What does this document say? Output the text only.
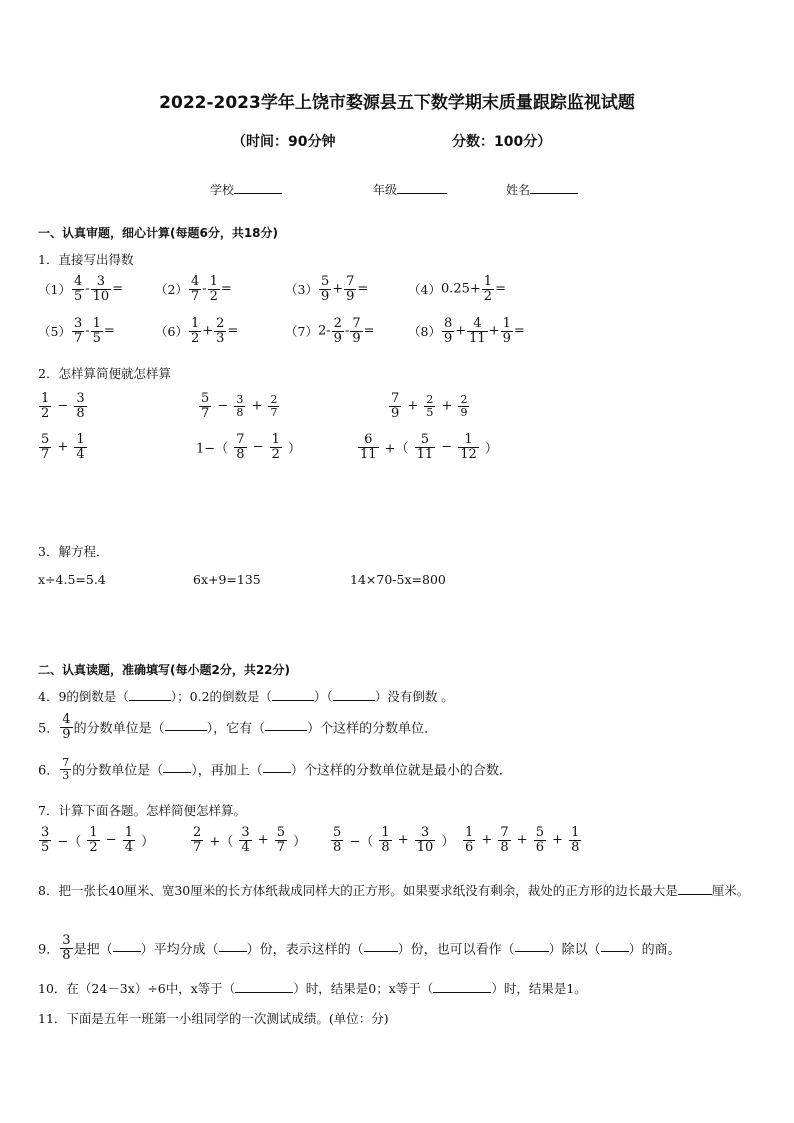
2022-2023学年上饶市婺源县五下数学期末质量跟踪监视试题
（时间：90分钟	分数：100分）
学校	年级	姓名
一、认真审题，细心计算(每题6分，共18分)
1．直接写出得数
$(1) \frac{4}{5} - \frac{3}{10}$ =	$(2) \frac{4}{7} - \frac{1}{2}$ =	$(3) \frac{5}{9} + \frac{7}{9}$ =	$(4)0.25+ \frac{1}{2}$ =
$(5) \frac{3}{7} - \frac{1}{5}$ =	$(6) \frac{1}{2} + \frac{2}{3}$ =	$(7)2- \frac{2}{9} - \frac{7}{9}$ =	$(8) \frac{8}{9} + \frac{4}{11} + \frac{1}{9}$ =
2．怎样算简便就怎样算
$\frac{1}{2} - \frac{3}{8}$	$\frac{5}{7} - \frac{3}{8} + \frac{2}{7}$	$\frac{7}{9} + \frac{2}{5} + \frac{2}{9}$
$\frac{5}{7} + \frac{1}{4}$	$1-( \frac{7}{8} - \frac{1}{2}$ ）	$\frac{6}{11}$ +（ $\frac{5}{11} - \frac{1}{12}$ ）
3．解方程．
x÷4.5=5.4	6x+9=135	14×70-5x=800
二、认真读题，准确填写(每小题2分，共22分)
4．9的倒数是（	）；0.2的倒数是（	）（	）没有倒数 。
5． $\frac{4}{9}$ 的分数单位是（	），它有（	）个这样的分数单位．
6． $\frac{7}{3}$ 的分数单位是（ ），再加上（ ）个这样的分数单位就是最小的合数．
7．计算下面各题。怎样简便怎样算。
$\frac{3}{5}$ −（ $\frac{1}{2} - \frac{1}{4}$ ）	$\frac{2}{7}$ +（ $\frac{3}{4} + \frac{5}{7}$ ） $\frac{5}{8}$ −（ $\frac{1}{8} + \frac{3}{10}$ ） $\frac{1}{6} + \frac{7}{8} + \frac{5}{6} + \frac{1}{8}$
8．把一张长40厘米、宽30厘米的长方体纸裁成同样大的正方形。如果要求纸没有剩余，裁处的正方形的边长最大是	厘米。
9． $\frac{3}{8}$ 是把（ ）平均分成（ ）份，表示这样的（	）份，也可以看作（	）除以（ ）的商。
10．在（24－3x）÷6中，x等于（	）时，结果是0；x等于（	）时，结果是1。
11．下面是五年一班第一小组同学的一次测试成绩。(单位：分)
